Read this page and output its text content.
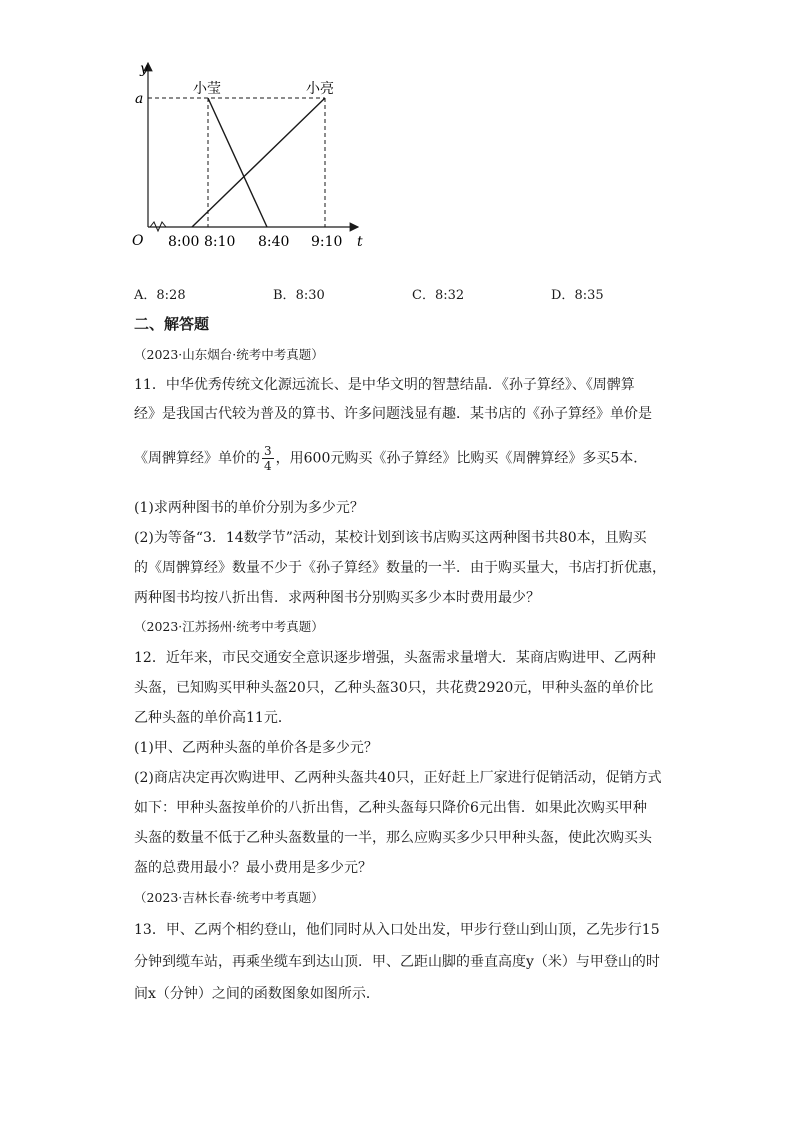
y
t
O
a
小莹	小亮
8:00 8:10 8:40 9:10
A．8:28	B．8:30	C．8:32	D．8:35
二、解答题
（2023·山东烟台·统考中考真题）
11．中华优秀传统文化源远流长、是中华文明的智慧结晶．《孙子算经》、《周髀算
经》是我国古代较为普及的算书、许多问题浅显有趣．某书店的《孙子算经》单价是
《周髀算经》单价的 $\frac{3}{4}$ ，用600元购买《孙子算经》比购买《周髀算经》多买5本．
(1)求两种图书的单价分别为多少元？
(2)为等备“3．14数学节”活动，某校计划到该书店购买这两种图书共80本，且购买
的《周髀算经》数量不少于《孙子算经》数量的一半．由于购买量大，书店打折优惠，
两种图书均按八折出售．求两种图书分别购买多少本时费用最少？
（2023·江苏扬州·统考中考真题）
12．近年来，市民交通安全意识逐步增强，头盔需求量增大．某商店购进甲、乙两种
头盔，已知购买甲种头盔20只，乙种头盔30只，共花费2920元，甲种头盔的单价比
乙种头盔的单价高11元．
(1)甲、乙两种头盔的单价各是多少元？
(2)商店决定再次购进甲、乙两种头盔共40只，正好赶上厂家进行促销活动，促销方式
如下：甲种头盔按单价的八折出售，乙种头盔每只降价6元出售．如果此次购买甲种
头盔的数量不低于乙种头盔数量的一半，那么应购买多少只甲种头盔，使此次购买头
盔的总费用最小？最小费用是多少元？
（2023·吉林长春·统考中考真题）
13．甲、乙两个相约登山，他们同时从入口处出发，甲步行登山到山顶，乙先步行15
分钟到缆车站，再乘坐缆车到达山顶．甲、乙距山脚的垂直高度y（米）与甲登山的时
间x（分钟）之间的函数图象如图所示．
